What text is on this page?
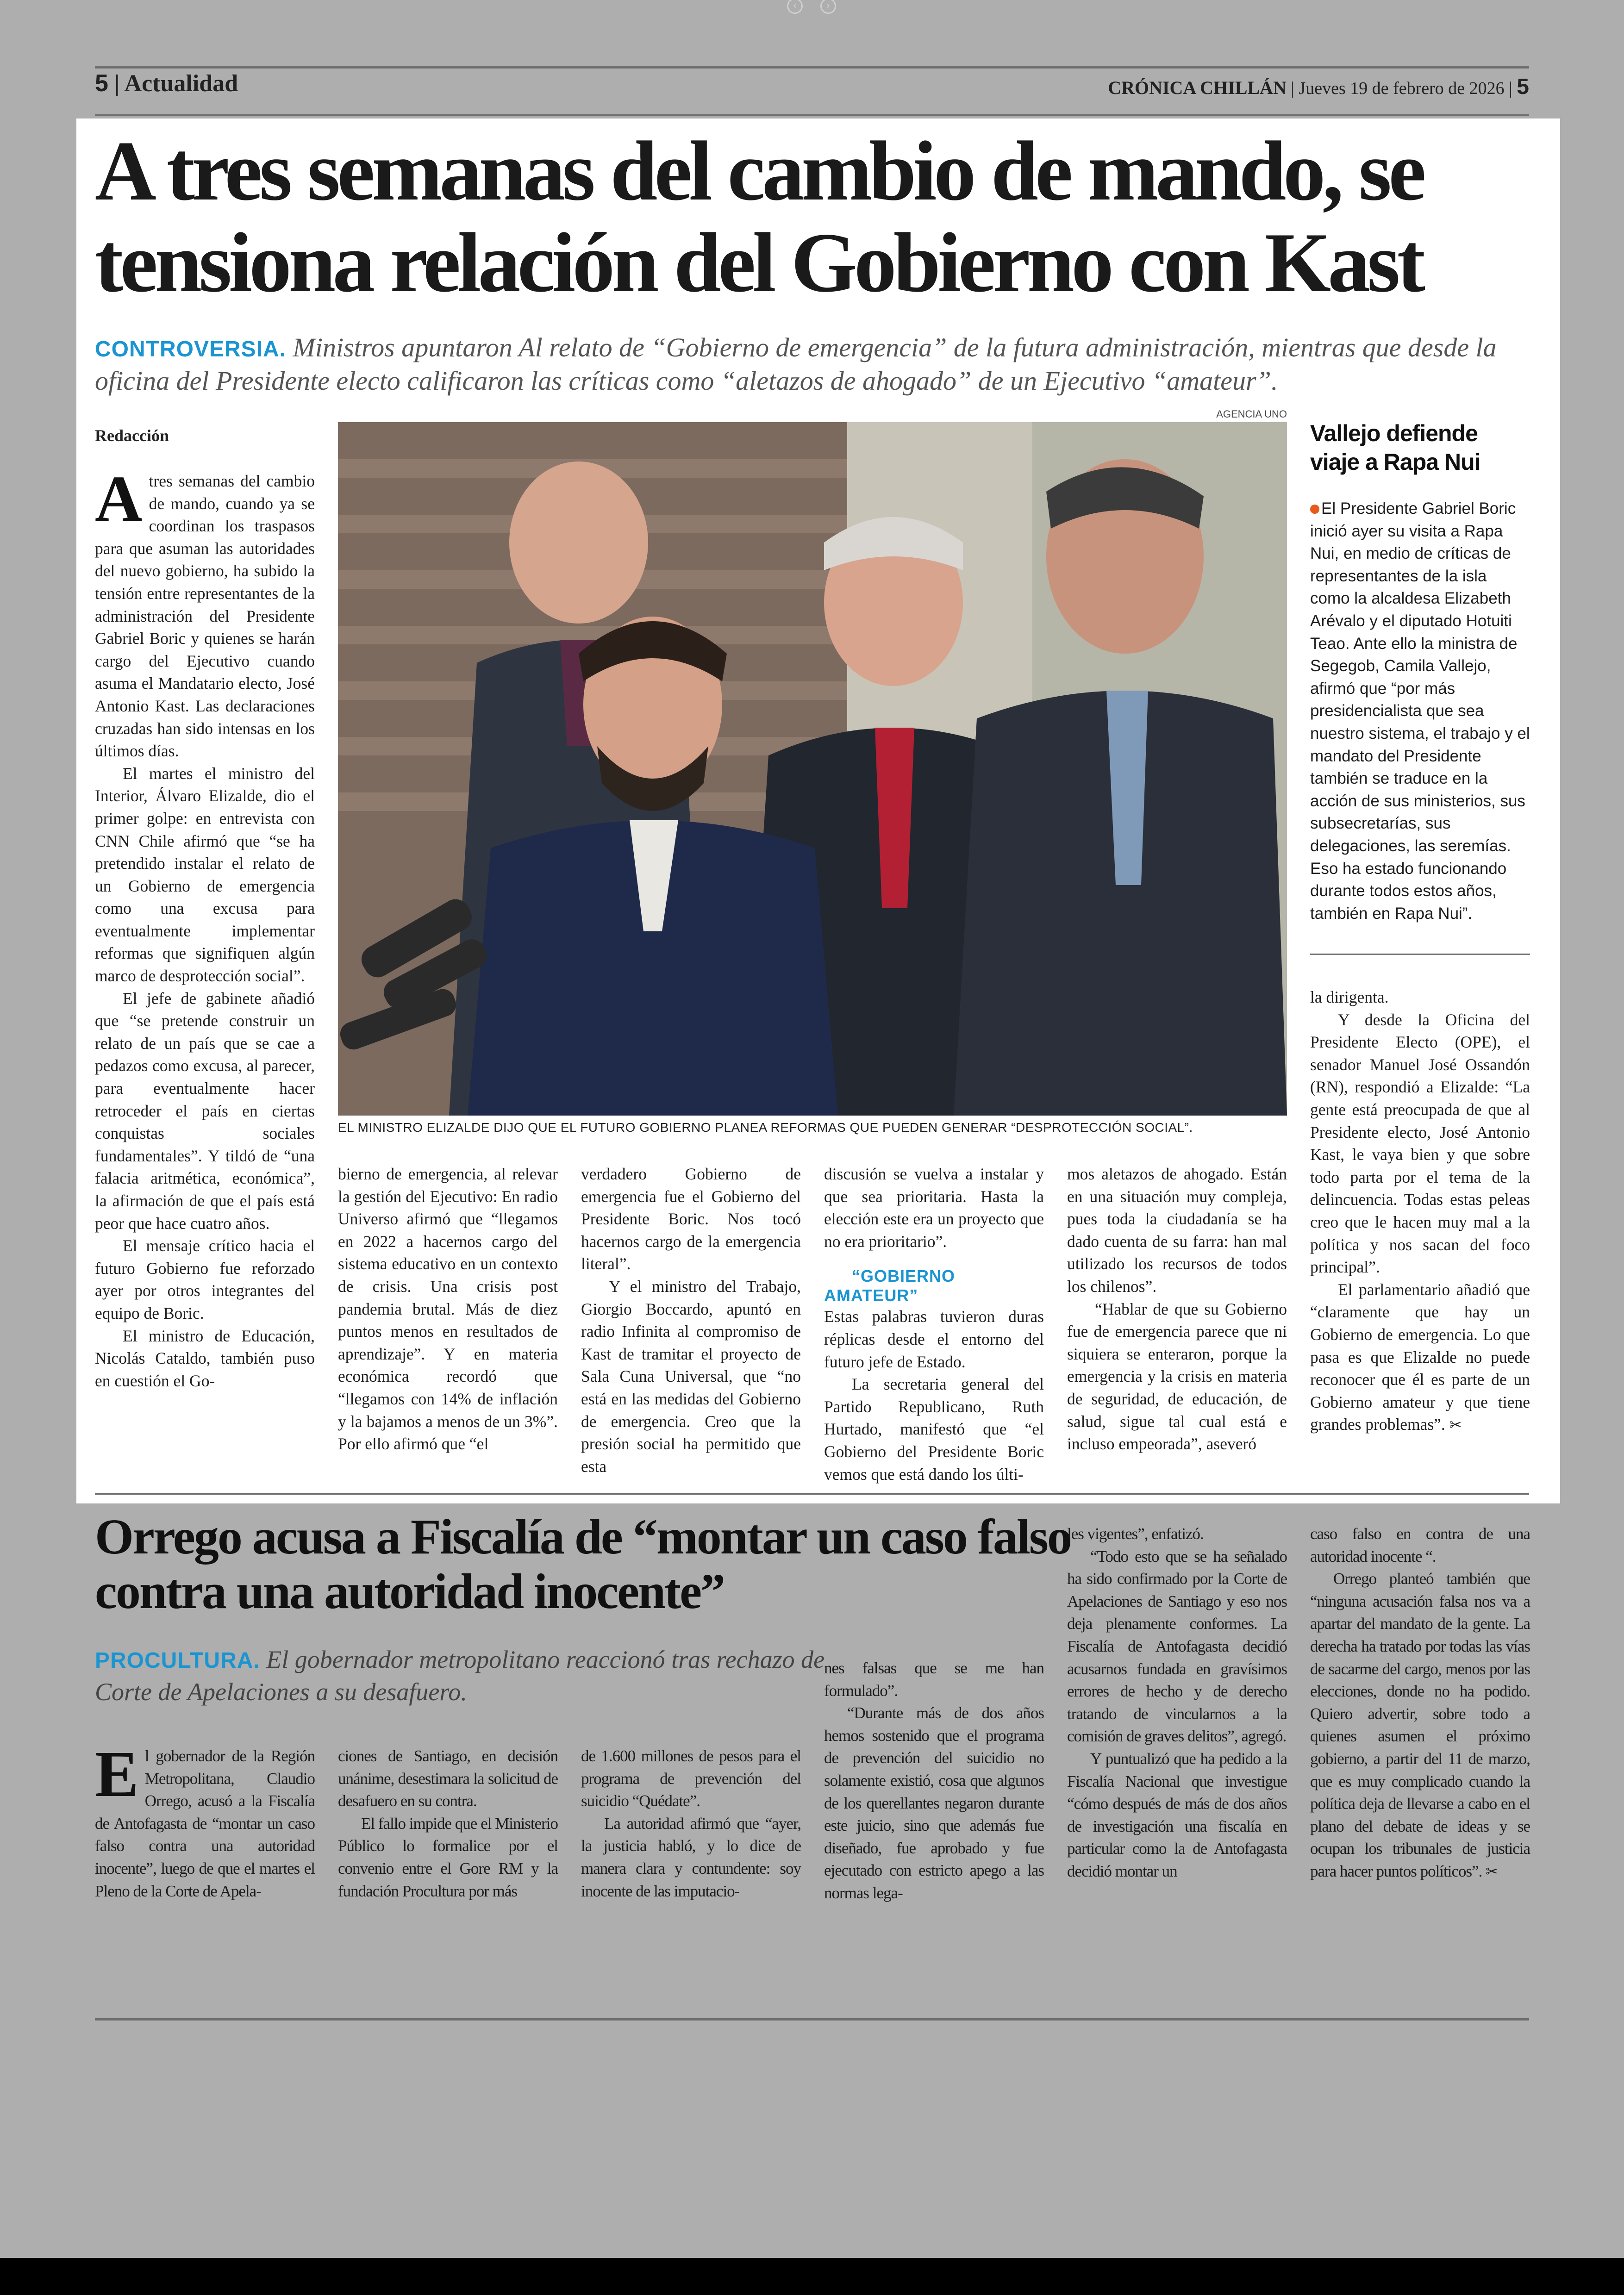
‹	›
5 | Actualidad	CRÓNICA CHILLÁN | Jueves 19 de febrero de 2026 | 5
A tres semanas del cambio de mando, se tensiona relación del Gobierno con Kast
CONTROVERSIA. Ministros apuntaron Al relato de “Gobierno de emergencia” de la futura administración, mientras que desde la oficina del Presidente electo calificaron las críticas como “aletazos de ahogado” de un Ejecutivo “amateur”.
Redacción
AGENCIA UNO
EL MINISTRO ELIZALDE DIJO QUE EL FUTURO GOBIERNO PLANEA REFORMAS QUE PUEDEN GENERAR “DESPROTECCIÓN SOCIAL”.

Atres semanas del cambio de mando, cuando ya se coordinan los traspasos para que asuman las autoridades del nuevo gobierno, ha subido la tensión entre representantes de la administración del Presidente Gabriel Boric y quienes se harán cargo del Ejecutivo cuando asuma el Mandatario electo, José Antonio Kast. Las declaraciones cruzadas han sido intensas en los últimos días.

El martes el ministro del Interior, Álvaro Elizalde, dio el primer golpe: en entrevista con CNN Chile afirmó que “se ha pretendido instalar el relato de un Gobierno de emergencia como una excusa para eventualmente implementar reformas que signifiquen algún marco de desprotección social”.

El jefe de gabinete añadió que “se pretende construir un relato de un país que se cae a pedazos como excusa, al parecer, para eventualmente hacer retroceder el país en ciertas conquistas sociales fundamentales”. Y tildó de “una falacia aritmética, económica”, la afirmación de que el país está peor que hace cuatro años.

El mensaje crítico hacia el futuro Gobierno fue reforzado ayer por otros integrantes del equipo de Boric.

El ministro de Educación, Nicolás Cataldo, también puso en cuestión el Go-

bierno de emergencia, al relevar la gestión del Ejecutivo: En radio Universo afirmó que “llegamos en 2022 a hacernos cargo del sistema educativo en un contexto de crisis. Una crisis post pandemia brutal. Más de diez puntos menos en resultados de aprendizaje”. Y en materia económica recordó que “llegamos con 14% de inflación y la bajamos a menos de un 3%”. Por ello afirmó que “el

verdadero Gobierno de emergencia fue el Gobierno del Presidente Boric. Nos tocó hacernos cargo de la emergencia literal”.

Y el ministro del Trabajo, Giorgio Boccardo, apuntó en radio Infinita al compromiso de Kast de tramitar el proyecto de Sala Cuna Universal, que “no está en las medidas del Gobierno de emergencia. Creo que la presión social ha permitido que esta

discusión se vuelva a instalar y que sea prioritaria. Hasta la elección este era un proyecto que no era prioritario”.

“GOBIERNO AMATEUR”

Estas palabras tuvieron duras réplicas desde el entorno del futuro jefe de Estado.

La secretaria general del Partido Republicano, Ruth Hurtado, manifestó que “el Gobierno del Presidente Boric vemos que está dando los últi-

mos aletazos de ahogado. Están en una situación muy compleja, pues toda la ciudadanía se ha dado cuenta de su farra: han mal utilizado los recursos de todos los chilenos”.

“Hablar de que su Gobierno fue de emergencia parece que ni siquiera se enteraron, porque la emergencia y la crisis en materia de seguridad, de educación, de salud, sigue tal cual está e incluso empeorada”, aseveró

Vallejo defiende viaje a Rapa Nui
El Presidente Gabriel Boric inició ayer su visita a Rapa Nui, en medio de críticas de representantes de la isla como la alcaldesa Elizabeth Arévalo y el diputado Hotuiti Teao. Ante ello la ministra de Segegob, Camila Vallejo, afirmó que “por más presidencialista que sea nuestro sistema, el trabajo y el mandato del Presidente también se traduce en la acción de sus ministerios, sus subsecretarías, sus delegaciones, las seremías. Eso ha estado funcionando durante todos estos años, también en Rapa Nui”.

la dirigenta.

Y desde la Oficina del Presidente Electo (OPE), el senador Manuel José Ossandón (RN), respondió a Elizalde: “La gente está preocupada de que al Presidente electo, José Antonio Kast, le vaya bien y que sobre todo parta por el tema de la delincuencia. Todas estas peleas creo que le hacen muy mal a la política y nos sacan del foco principal”.

El parlamentario añadió que “claramente que hay un Gobierno de emergencia. Lo que pasa es que Elizalde no puede reconocer que él es parte de un Gobierno amateur y que tiene grandes problemas”. ✂

Orrego acusa a Fiscalía de “montar un caso falso contra una autoridad inocente”
PROCULTURA. El gobernador metropolitano reaccionó tras rechazo de Corte de Apelaciones a su desafuero.

El gobernador de la Región Metropolitana, Claudio Orrego, acusó a la Fiscalía de Antofagasta de “montar un caso falso contra una autoridad inocente”, luego de que el martes el Pleno de la Corte de Apela-

ciones de Santiago, en decisión unánime, desestimara la solicitud de desafuero en su contra.

El fallo impide que el Ministerio Público lo formalice por el convenio entre el Gore RM y la fundación Procultura por más

de 1.600 millones de pesos para el programa de prevención del suicidio “Quédate”.

La autoridad afirmó que “ayer, la justicia habló, y lo dice de manera clara y contundente: soy inocente de las imputacio-

nes falsas que se me han formulado”.

“Durante más de dos años hemos sostenido que el programa de prevención del suicidio no solamente existió, cosa que algunos de los querellantes negaron durante este juicio, sino que además fue diseñado, fue aprobado y fue ejecutado con estricto apego a las normas lega-

les vigentes”, enfatizó.

“Todo esto que se ha señalado ha sido confirmado por la Corte de Apelaciones de Santiago y eso nos deja plenamente conformes. La Fiscalía de Antofagasta decidió acusarnos fundada en gravísimos errores de hecho y de derecho tratando de vincularnos a la comisión de graves delitos”, agregó.

Y puntualizó que ha pedido a la Fiscalía Nacional que investigue “cómo después de más de dos años de investigación una fiscalía en particular como la de Antofagasta decidió montar un

caso falso en contra de una autoridad inocente “.

Orrego planteó también que “ninguna acusación falsa nos va a apartar del mandato de la gente. La derecha ha tratado por todas las vías de sacarme del cargo, menos por las elecciones, donde no ha podido. Quiero advertir, sobre todo a quienes asumen el próximo gobierno, a partir del 11 de marzo, que es muy complicado cuando la política deja de llevarse a cabo en el plano del debate de ideas y se ocupan los tribunales de justicia para hacer puntos políticos”. ✂
